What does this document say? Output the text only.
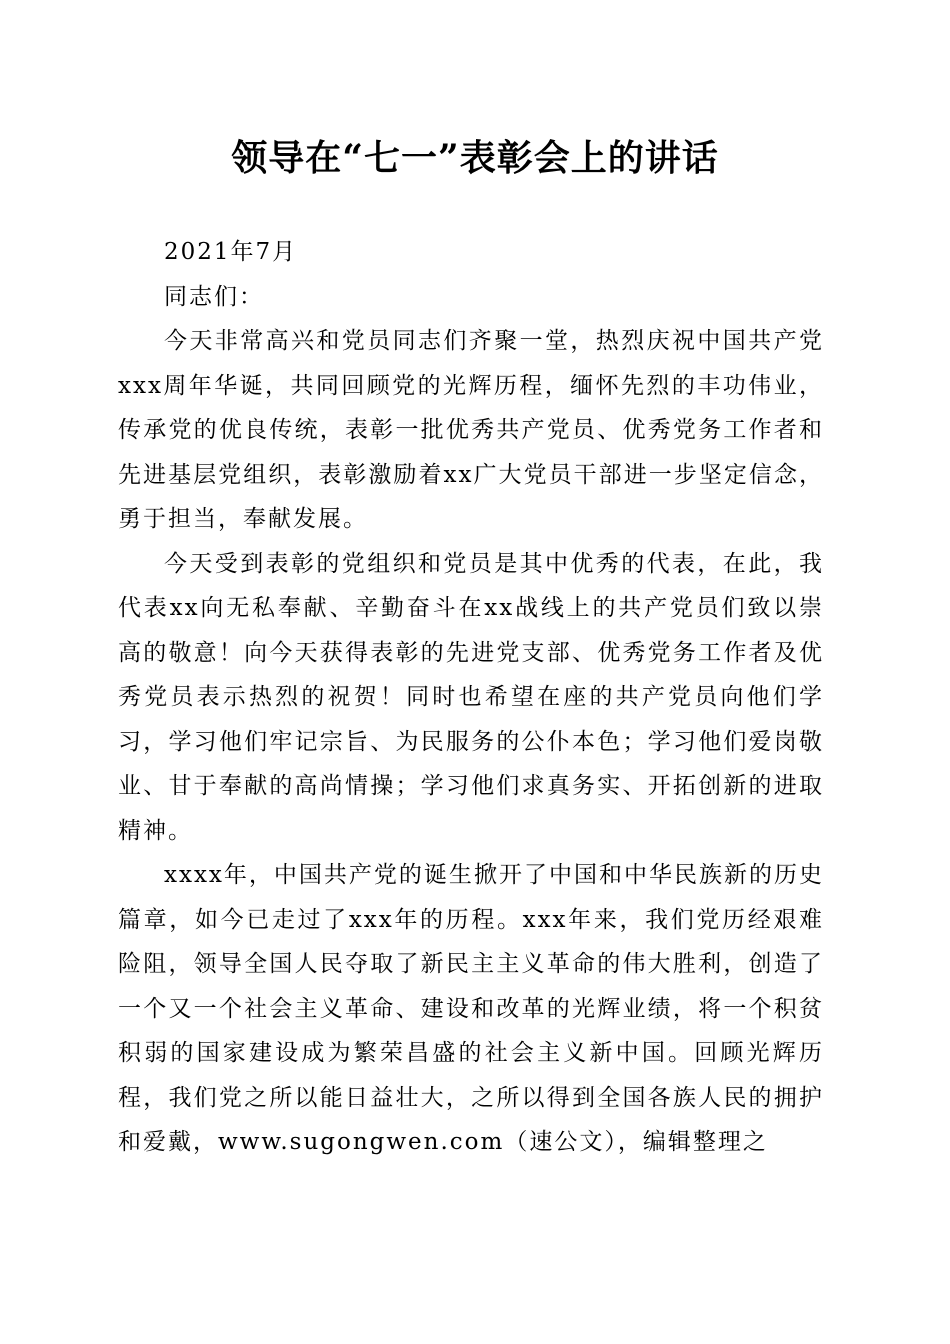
领导在“七一”表彰会上的讲话

2021年7月

同志们：

今天非常高兴和党员同志们齐聚一堂，热烈庆祝中国共产党xxx周年华诞，共同回顾党的光辉历程，缅怀先烈的丰功伟业，传承党的优良传统，表彰一批优秀共产党员、优秀党务工作者和先进基层党组织，表彰激励着xx广大党员干部进一步坚定信念，勇于担当，奉献发展。

今天受到表彰的党组织和党员是其中优秀的代表，在此，我代表xx向无私奉献、辛勤奋斗在xx战线上的共产党员们致以崇高的敬意！向今天获得表彰的先进党支部、优秀党务工作者及优秀党员表示热烈的祝贺！同时也希望在座的共产党员向他们学习，学习他们牢记宗旨、为民服务的公仆本色；学习他们爱岗敬业、甘于奉献的高尚情操；学习他们求真务实、开拓创新的进取精神。

xxxx年，中国共产党的诞生掀开了中国和中华民族新的历史篇章，如今已走过了xxx年的历程。xxx年来，我们党历经艰难险阻，领导全国人民夺取了新民主主义革命的伟大胜利，创造了一个又一个社会主义革命、建设和改革的光辉业绩，将一个积贫积弱的国家建设成为繁荣昌盛的社会主义新中国。回顾光辉历程，我们党之所以能日益壮大，之所以得到全国各族人民的拥护和爱戴，www.sugongwen.com（速公文），编辑整理之
